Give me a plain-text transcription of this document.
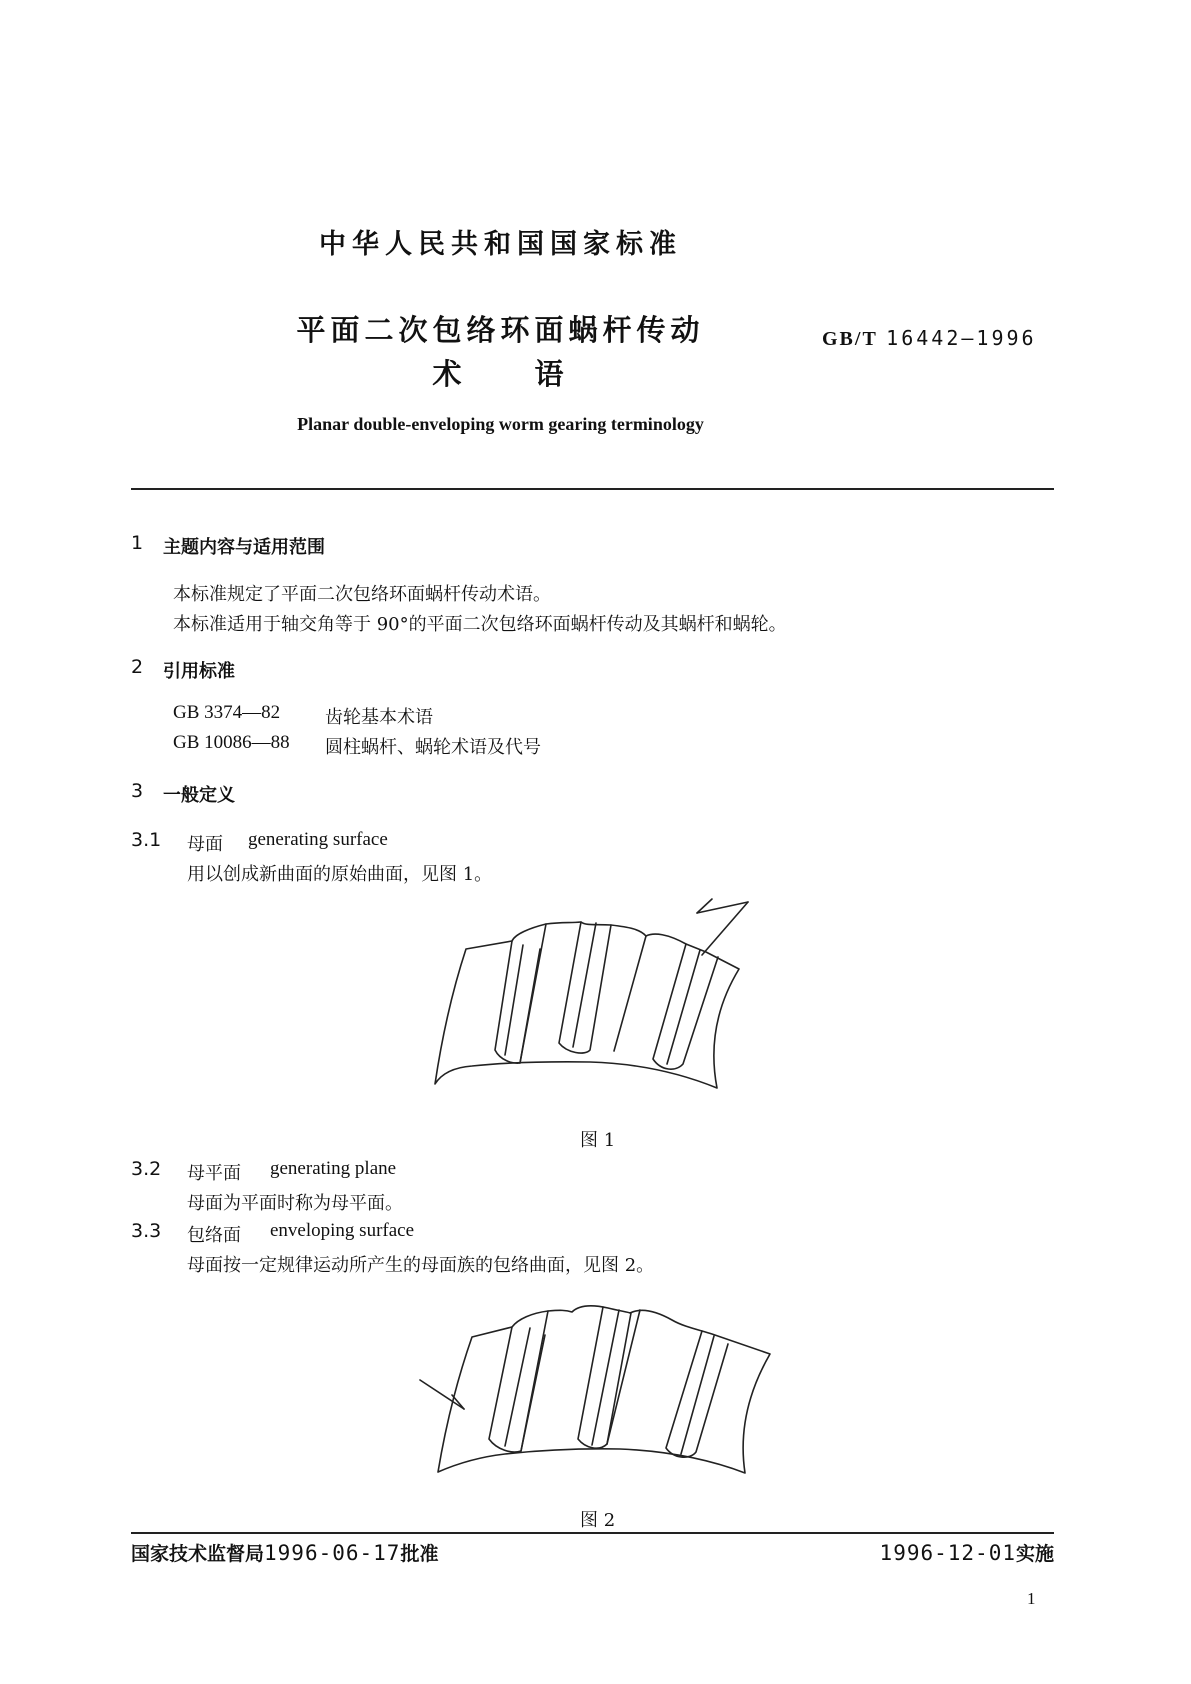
中华人民共和国国家标准
平面二次包络环面蜗杆传动
术　　语
GB/T 16442—1996
Planar double-enveloping worm gearing terminology
1 主题内容与适用范围
本标准规定了平面二次包络环面蜗杆传动术语。
本标准适用于轴交角等于 90°的平面二次包络环面蜗杆传动及其蜗杆和蜗轮。
2 引用标准
GB 3374—82 齿轮基本术语
GB 10086—88 圆柱蜗杆、蜗轮术语及代号
3 一般定义
3.1 母面 generating surface
用以创成新曲面的原始曲面，见图 1。
图 1
3.2 母平面 generating plane
母面为平面时称为母平面。
3.3 包络面 enveloping surface
母面按一定规律运动所产生的母面族的包络曲面，见图 2。
图 2
国家技术监督局1996-06-17批准	1996-12-01实施
1
